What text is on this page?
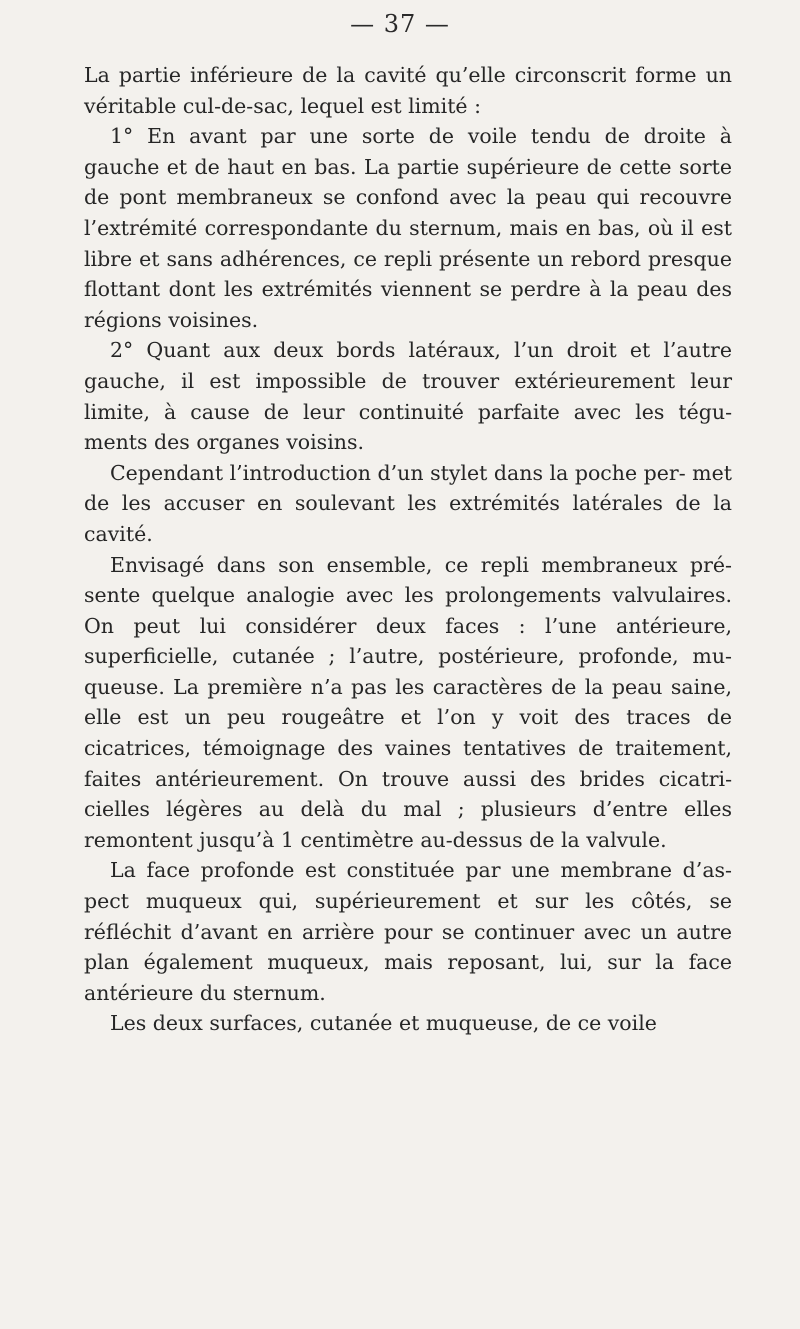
— 37 —

La partie inférieure de la cavité qu’elle circonscrit forme un véritable cul-de-sac, lequel est limité :

1° En avant par une sorte de voile tendu de droite à gauche et de haut en bas. La partie supérieure de cette sorte de pont membraneux se confond avec la peau qui recouvre l’extrémité correspondante du sternum, mais en bas, où il est libre et sans adhérences, ce repli présente un rebord presque flottant dont les extrémités viennent se perdre à la peau des régions voisines.

2° Quant aux deux bords latéraux, l’un droit et l’autre gauche, il est impossible de trouver extérieurement leur limite, à cause de leur continuité parfaite avec les tégu- ments des organes voisins.

Cependant l’introduction d’un stylet dans la poche per- met de les accuser en soulevant les extrémités latérales de la cavité.

Envisagé dans son ensemble, ce repli membraneux pré- sente quelque analogie avec les prolongements valvulaires. On peut lui considérer deux faces : l’une antérieure, superficielle, cutanée ; l’autre, postérieure, profonde, mu- queuse. La première n’a pas les caractères de la peau saine, elle est un peu rougeâtre et l’on y voit des traces de cicatrices, témoignage des vaines tentatives de traitement, faites antérieurement. On trouve aussi des brides cicatri- cielles légères au delà du mal ; plusieurs d’entre elles remontent jusqu’à 1 centimètre au-dessus de la valvule.

La face profonde est constituée par une membrane d’as- pect muqueux qui, supérieurement et sur les côtés, se réfléchit d’avant en arrière pour se continuer avec un autre plan également muqueux, mais reposant, lui, sur la face antérieure du sternum.

Les deux surfaces, cutanée et muqueuse, de ce voile
